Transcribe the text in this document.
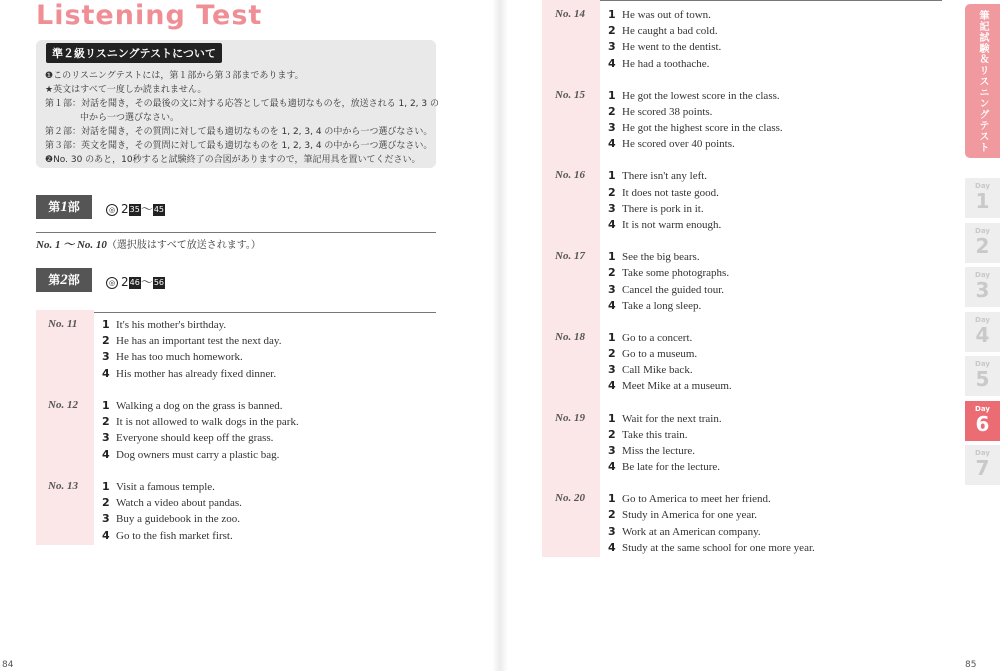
Listening Test
準２級リスニングテストについて
❶このリスニングテストには，第１部から第３部まであります。
★英文はすべて一度しか読まれません。
第１部：対話を聞き，その最後の文に対する応答として最も適切なものを，放送される 1, 2, 3 の
中から一つ選びなさい。
第２部：対話を聞き，その質問に対して最も適切なものを 1, 2, 3, 4 の中から一つ選びなさい。
第３部：英文を聞き，その質問に対して最も適切なものを 1, 2, 3, 4 の中から一つ選びなさい。
❷No. 30 のあと，10秒すると試験終了の合図がありますので，筆記用具を置いてください。
第1部	◎ 235〜45
No. 1 〜 No. 10（選択肢はすべて放送されます。）
第2部	◎ 246〜56
No. 11 1 It's his mother's birthday.
2 He has an important test the next day.
3 He has too much homework.
4 His mother has already fixed dinner.
No. 12 1 Walking a dog on the grass is banned.
2 It is not allowed to walk dogs in the park.
3 Everyone should keep off the grass.
4 Dog owners must carry a plastic bag.
No. 13 1 Visit a famous temple.
2 Watch a video about pandas.
3 Buy a guidebook in the zoo.
4 Go to the fish market first.
84
No. 14 1 He was out of town.
2 He caught a bad cold.
3 He went to the dentist.
4 He had a toothache.
No. 15 1 He got the lowest score in the class.
2 He scored 38 points.
3 He got the highest score in the class.
4 He scored over 40 points.
No. 16 1 There isn't any left.
2 It does not taste good.
3 There is pork in it.
4 It is not warm enough.
No. 17 1 See the big bears.
2 Take some photographs.
3 Cancel the guided tour.
4 Take a long sleep.
No. 18 1 Go to a concert.
2 Go to a museum.
3 Call Mike back.
4 Meet Mike at a museum.
No. 19 1 Wait for the next train.
2 Take this train.
3 Miss the lecture.
4 Be late for the lecture.
No. 20 1 Go to America to meet her friend.
2 Study in America for one year.
3 Work at an American company.
4 Study at the same school for one more year.
85
筆記試験＆リスニングテスト
Day
1
Day
2
Day
3
Day
4
Day
5
Day
6
Day
7
